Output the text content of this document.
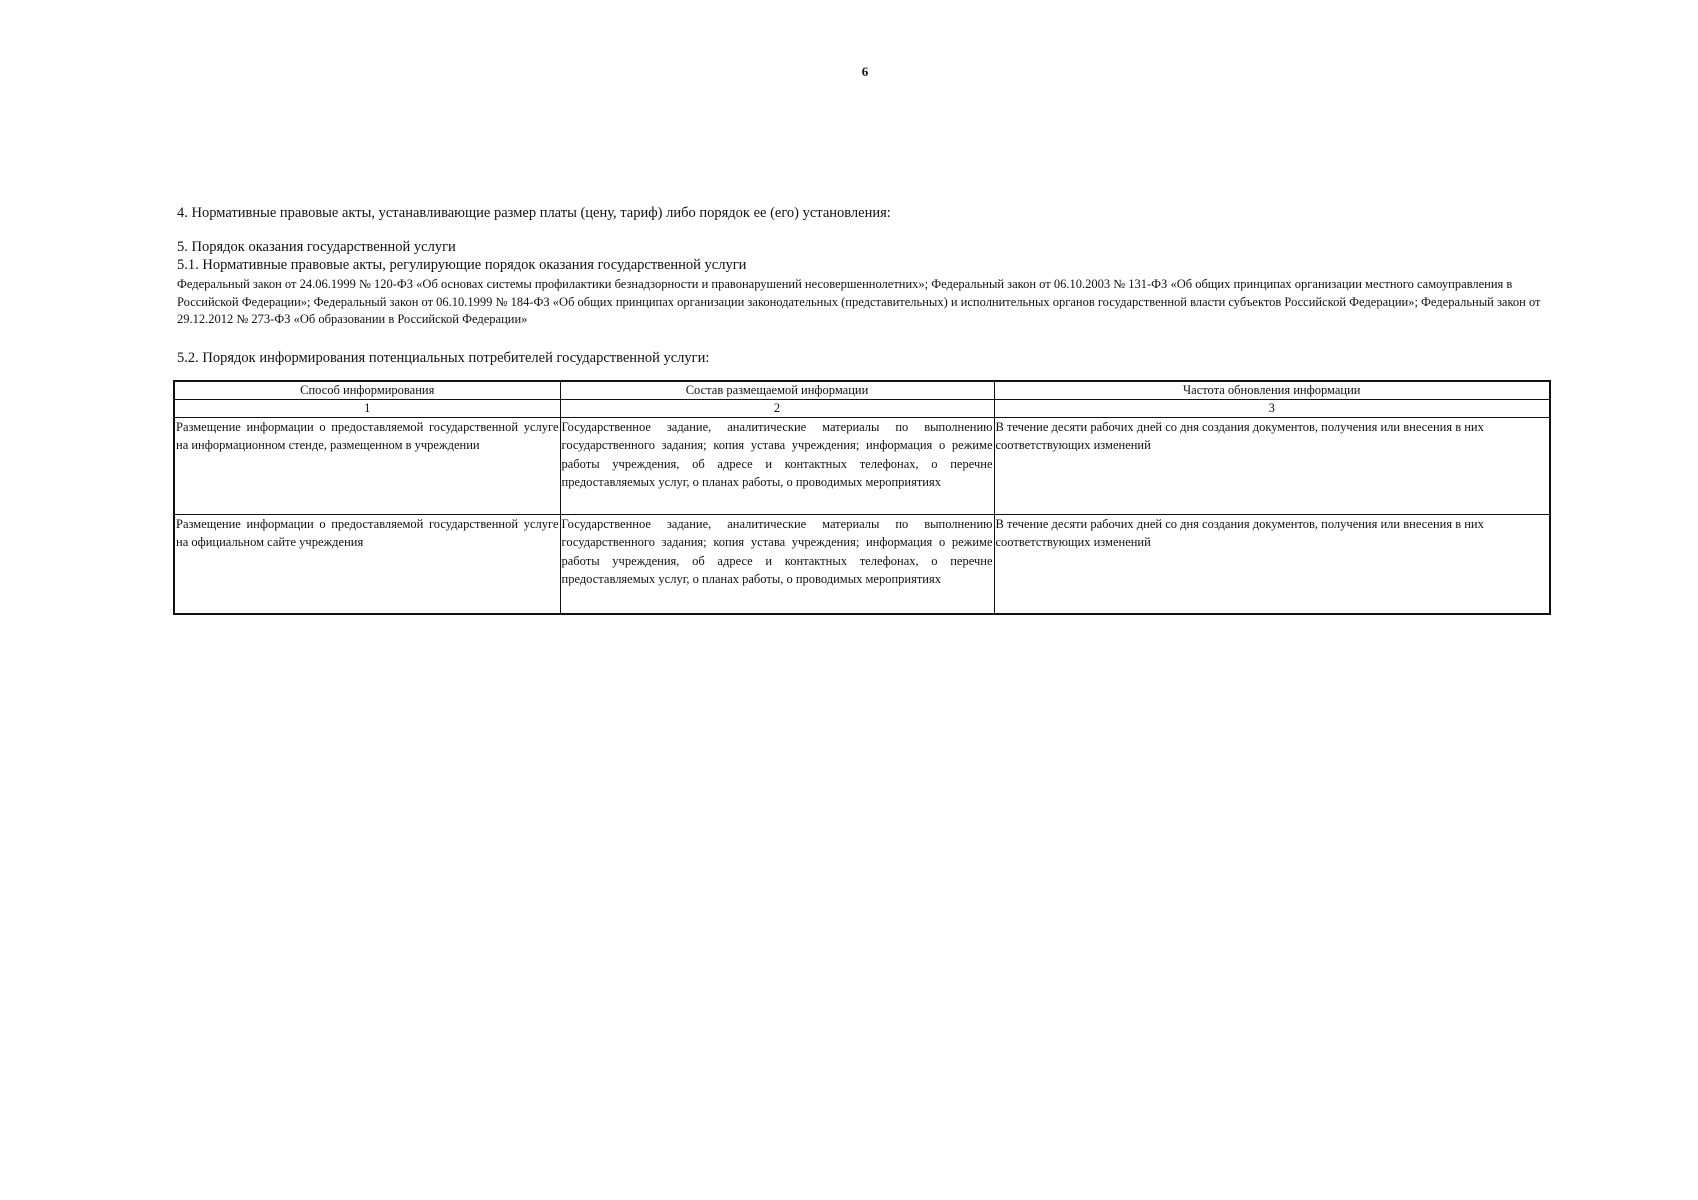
6
4. Нормативные правовые акты, устанавливающие размер платы (цену, тариф) либо порядок ее (его) установления:
5. Порядок оказания государственной услуги
5.1. Нормативные правовые акты, регулирующие порядок оказания государственной услуги
Федеральный закон от 24.06.1999 № 120-ФЗ «Об основах системы профилактики безнадзорности и правонарушений несовершеннолетних»; Федеральный закон от 06.10.2003 № 131-ФЗ «Об общих принципах организации местного самоуправления в Российской Федерации»; Федеральный закон от 06.10.1999 № 184-ФЗ «Об общих принципах организации законодательных (представительных) и исполнительных органов государственной власти субъектов Российской Федерации»; Федеральный закон от 29.12.2012 № 273-ФЗ «Об образовании в Российской Федерации»
5.2. Порядок информирования потенциальных потребителей государственной услуги:
Способ информирования	Состав размещаемой информации	Частота обновления информации
1	2	3
Размещение информации о предоставляемой государственной услуге на информационном стенде, размещенном в учреждении	Государственное задание, аналитические материалы по выполнению государственного задания; копия устава учреждения; информация о режиме работы учреждения, об адресе и контактных телефонах, о перечне предоставляемых услуг, о планах работы, о проводимых мероприятиях	В течение десяти рабочих дней со дня создания документов, получения или внесения в них соответствующих изменений
Размещение информации о предоставляемой государственной услуге на официальном сайте учреждения	Государственное задание, аналитические материалы по выполнению государственного задания; копия устава учреждения; информация о режиме работы учреждения, об адресе и контактных телефонах, о перечне предоставляемых услуг, о планах работы, о проводимых мероприятиях	В течение десяти рабочих дней со дня создания документов, получения или внесения в них соответствующих изменений
